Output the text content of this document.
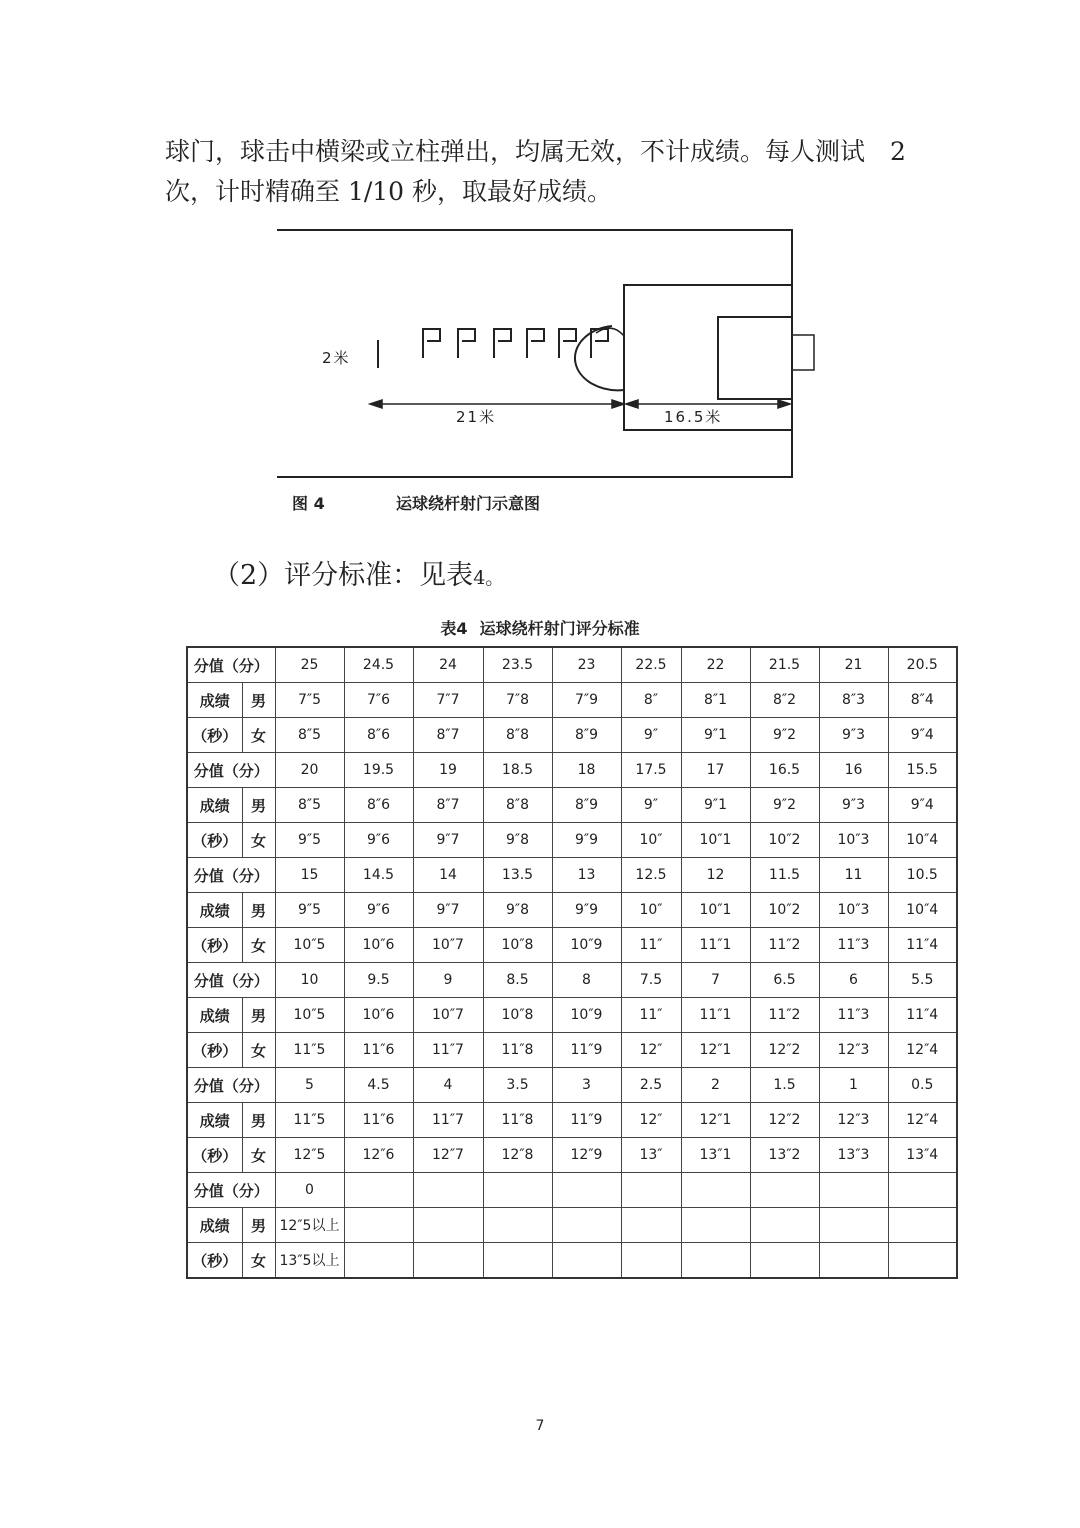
球门，球击中横梁或立柱弹出，均属无效，不计成绩。每人测试　2 次，计时精确至 1/10 秒，取最好成绩。

2米
21米	16.5米
图 4	运球绕杆射门示意图

（2）评分标准：见表4。

表4 运球绕杆射门评分标准

分值（分）		25	24.5	24	23.5	23	22.5	22	21.5	21	20.5
成绩	男	7″5	7″6	7″7	7″8	7″9	8″	8″1	8″2	8″3	8″4
（秒）	女	8″5	8″6	8″7	8″8	8″9	9″	9″1	9″2	9″3	9″4
分值（分）		20	19.5	19	18.5	18	17.5	17	16.5	16	15.5
成绩	男	8″5	8″6	8″7	8″8	8″9	9″	9″1	9″2	9″3	9″4
（秒）	女	9″5	9″6	9″7	9″8	9″9	10″	10″1	10″2	10″3	10″4
分值（分）		15	14.5	14	13.5	13	12.5	12	11.5	11	10.5
成绩	男	9″5	9″6	9″7	9″8	9″9	10″	10″1	10″2	10″3	10″4
（秒）	女	10″5	10″6	10″7	10″8	10″9	11″	11″1	11″2	11″3	11″4
分值（分）		10	9.5	9	8.5	8	7.5	7	6.5	6	5.5
成绩	男	10″5	10″6	10″7	10″8	10″9	11″	11″1	11″2	11″3	11″4
（秒）	女	11″5	11″6	11″7	11″8	11″9	12″	12″1	12″2	12″3	12″4
分值（分）		5	4.5	4	3.5	3	2.5	2	1.5	1	0.5
成绩	男	11″5	11″6	11″7	11″8	11″9	12″	12″1	12″2	12″3	12″4
（秒）	女	12″5	12″6	12″7	12″8	12″9	13″	13″1	13″2	13″3	13″4
分值（分）		0									
成绩	男	12″5以上									
（秒）	女	13″5以上									
7
